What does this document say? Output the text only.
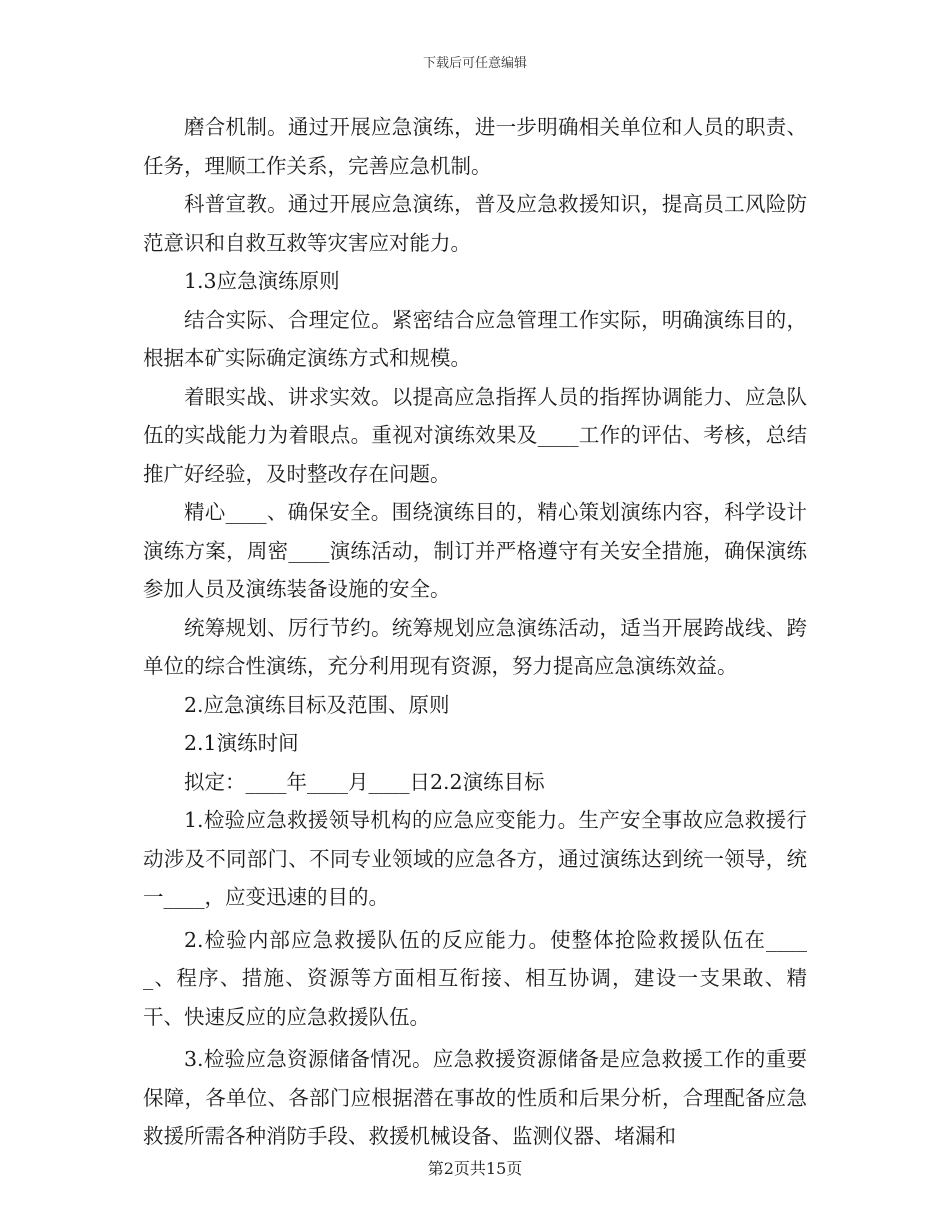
下载后可任意编辑

磨合机制。通过开展应急演练，进一步明确相关单位和人员的职责、任务，理顺工作关系，完善应急机制。

科普宣教。通过开展应急演练，普及应急救援知识，提高员工风险防范意识和自救互救等灾害应对能力。

1.3应急演练原则

结合实际、合理定位。紧密结合应急管理工作实际，明确演练目的，根据本矿实际确定演练方式和规模。

着眼实战、讲求实效。以提高应急指挥人员的指挥协调能力、应急队伍的实战能力为着眼点。重视对演练效果及____工作的评估、考核，总结推广好经验，及时整改存在问题。

精心____、确保安全。围绕演练目的，精心策划演练内容，科学设计演练方案，周密____演练活动，制订并严格遵守有关安全措施，确保演练参加人员及演练装备设施的安全。

统筹规划、厉行节约。统筹规划应急演练活动，适当开展跨战线、跨单位的综合性演练，充分利用现有资源，努力提高应急演练效益。

2.应急演练目标及范围、原则

2.1演练时间

拟定：____年____月____日2.2演练目标

1.检验应急救援领导机构的应急应变能力。生产安全事故应急救援行动涉及不同部门、不同专业领域的应急各方，通过演练达到统一领导，统一____，应变迅速的目的。

2.检验内部应急救援队伍的反应能力。使整体抢险救援队伍在_____、程序、措施、资源等方面相互衔接、相互协调，建设一支果敢、精干、快速反应的应急救援队伍。

3.检验应急资源储备情况。应急救援资源储备是应急救援工作的重要保障，各单位、各部门应根据潜在事故的性质和后果分析，合理配备应急救援所需各种消防手段、救援机械设备、监测仪器、堵漏和

第2页共15页
